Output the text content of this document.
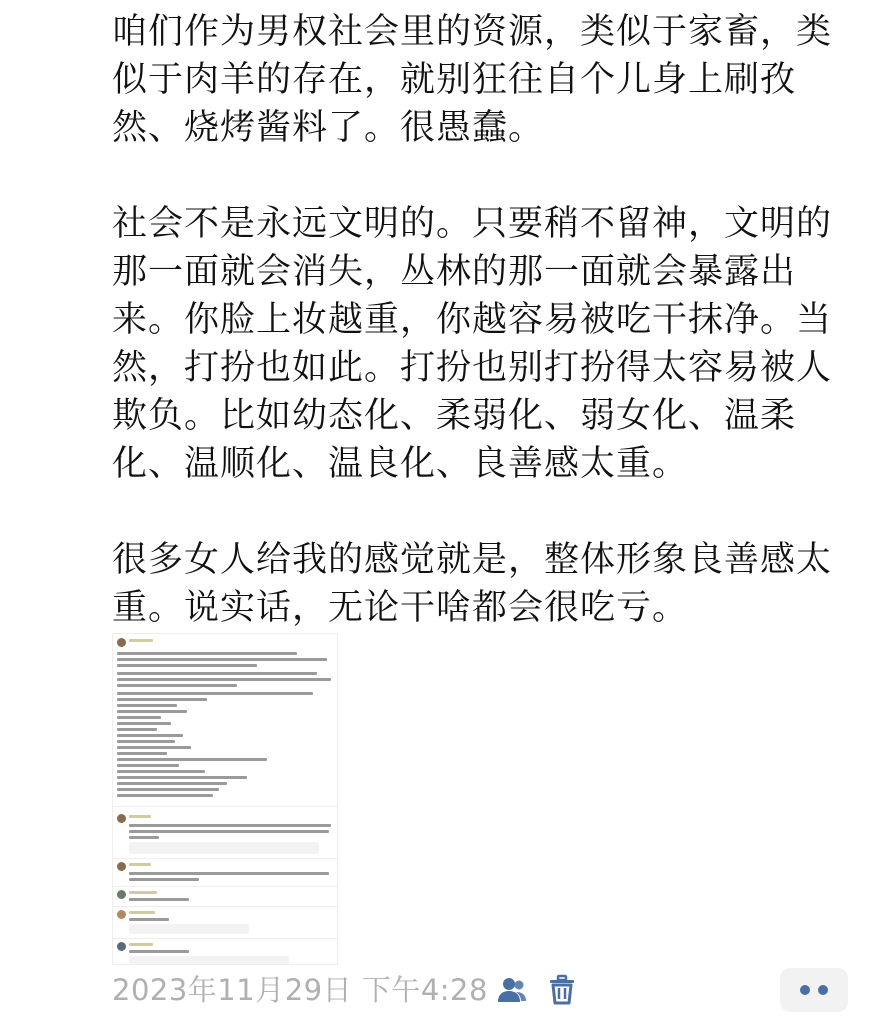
咱们作为男权社会里的资源，类似于家畜，类似于肉羊的存在，就别狂往自个儿身上刷孜然、烧烤酱料了。很愚蠢。

社会不是永远文明的。只要稍不留神，文明的那一面就会消失，丛林的那一面就会暴露出来。你脸上妆越重，你越容易被吃干抹净。当然，打扮也如此。打扮也别打扮得太容易被人欺负。比如幼态化、柔弱化、弱女化、温柔化、温顺化、温良化、良善感太重。

很多女人给我的感觉就是，整体形象良善感太重。说实话，无论干啥都会很吃亏。

2023年11月29日 下午4:28
